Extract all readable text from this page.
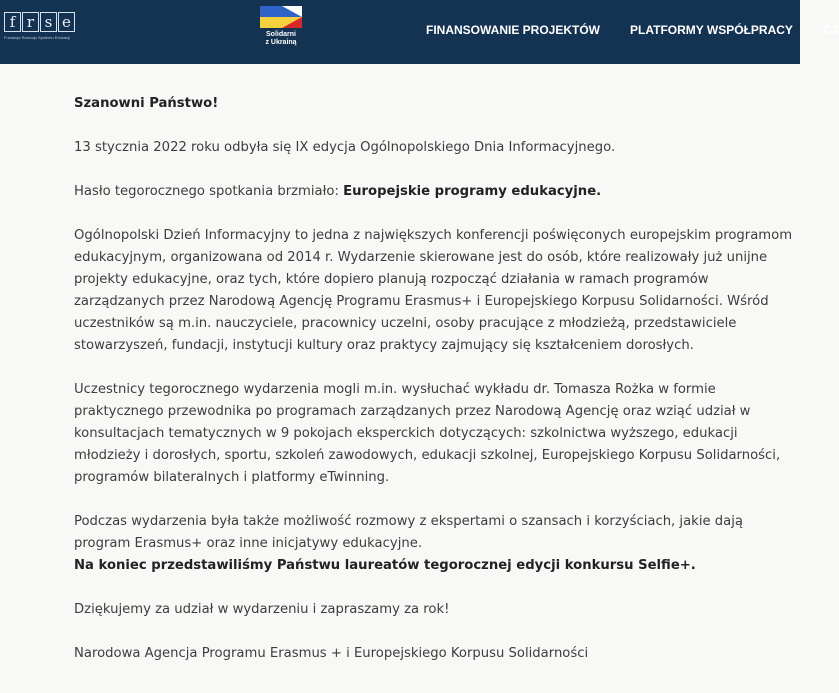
f r s e
Fundacja Rozwoju Systemu Edukacji	Solidarni
z Ukrainą
FINANSOWANIE PROJEKTÓW	PLATFORMY WSPÓŁPRACY	CZ

Szanowni Państwo!

13 stycznia 2022 roku odbyła się IX edycja Ogólnopolskiego Dnia Informacyjnego.

Hasło tegorocznego spotkania brzmiało: Europejskie programy edukacyjne.

Ogólnopolski Dzień Informacyjny to jedna z największych konferencji poświęconych europejskim programom edukacyjnym, organizowana od 2014 r. Wydarzenie skierowane jest do osób, które realizowały już unijne projekty edukacyjne, oraz tych, które dopiero planują rozpocząć działania w ramach programów zarządzanych przez Narodową Agencję Programu Erasmus+ i Europejskiego Korpusu Solidarności. Wśród uczestników są m.in. nauczyciele, pracownicy uczelni, osoby pracujące z młodzieżą, przedstawiciele stowarzyszeń, fundacji, instytucji kultury oraz praktycy zajmujący się kształceniem dorosłych.

Uczestnicy tegorocznego wydarzenia mogli m.in. wysłuchać wykładu dr. Tomasza Rożka w formie praktycznego przewodnika po programach zarządzanych przez Narodową Agencję oraz wziąć udział w konsultacjach tematycznych w 9 pokojach eksperckich dotyczących: szkolnictwa wyższego, edukacji młodzieży i dorosłych, sportu, szkoleń zawodowych, edukacji szkolnej, Europejskiego Korpusu Solidarności, programów bilateralnych i platformy eTwinning.

Podczas wydarzenia była także możliwość rozmowy z ekspertami o szansach i korzyściach, jakie dają program Erasmus+ oraz inne inicjatywy edukacyjne.
Na koniec przedstawiliśmy Państwu laureatów tegorocznej edycji konkursu Selfie+.

Dziękujemy za udział w wydarzeniu i zapraszamy za rok!

Narodowa Agencja Programu Erasmus + i Europejskiego Korpusu Solidarności
